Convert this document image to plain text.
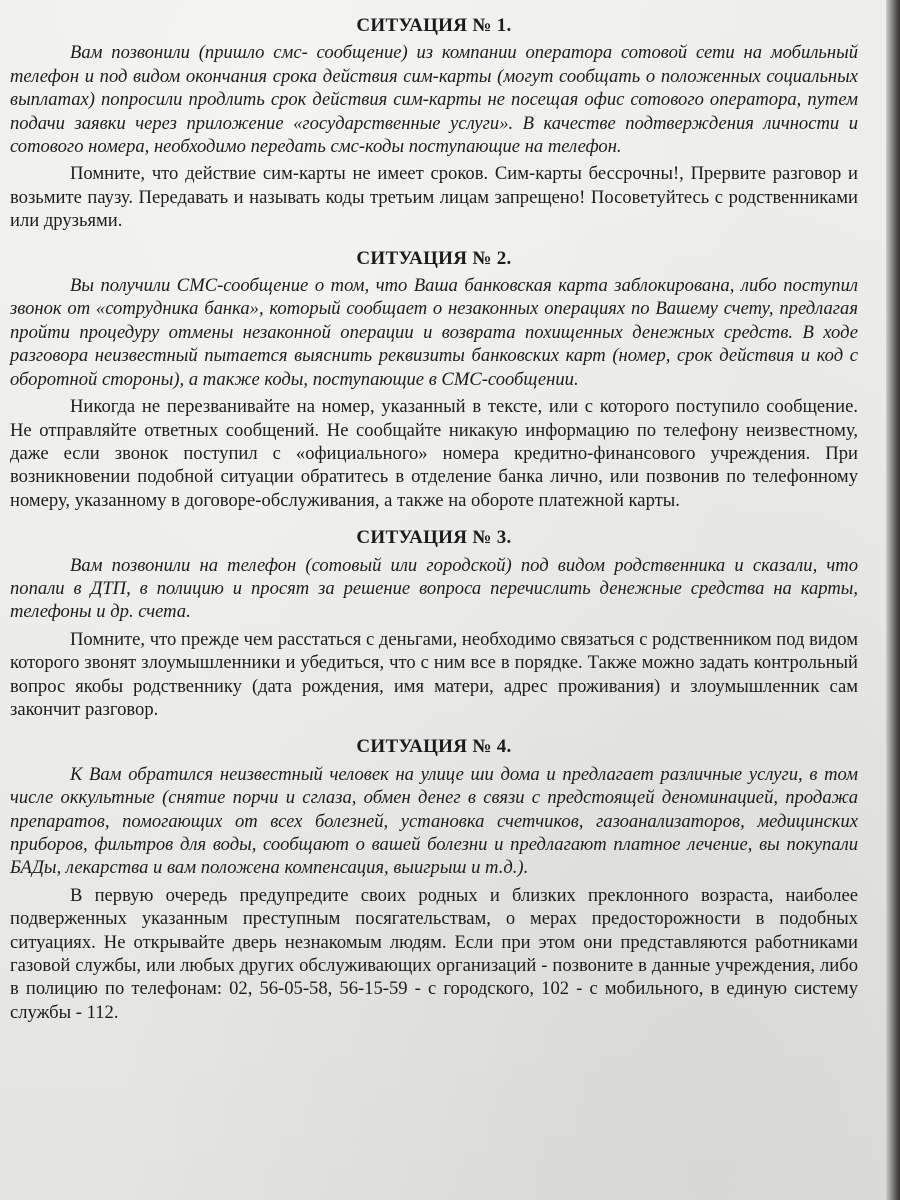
СИТУАЦИЯ № 1.

Вам позвонили (пришло смс- сообщение) из компании оператора сотовой сети на мобильный телефон и под видом окончания срока действия сим-карты (могут сообщать о положенных социальных выплатах) попросили продлить срок действия сим-карты не посещая офис сотового оператора, путем подачи заявки через приложение «государственные услуги». В качестве подтверждения личности и сотового номера, необходимо передать смс-коды поступающие на телефон.

Помните, что действие сим-карты не имеет сроков. Сим-карты бессрочны!, Прервите разговор и возьмите паузу. Передавать и называть коды третьим лицам запрещено! Посоветуйтесь с родственниками или друзьями.

СИТУАЦИЯ № 2.

Вы получили СМС-сообщение о том, что Ваша банковская карта заблокирована, либо поступил звонок от «сотрудника банка», который сообщает о незаконных операциях по Вашему счету, предлагая пройти процедуру отмены незаконной операции и возврата похищенных денежных средств. В ходе разговора неизвестный пытается выяснить реквизиты банковских карт (номер, срок действия и код с оборотной стороны), а также коды, поступающие в СМС-сообщении.

Никогда не перезванивайте на номер, указанный в тексте, или с которого поступило сообщение. Не отправляйте ответных сообщений. Не сообщайте никакую информацию по телефону неизвестному, даже если звонок поступил с «официального» номера кредитно-финансового учреждения. При возникновении подобной ситуации обратитесь в отделение банка лично, или позвонив по телефонному номеру, указанному в договоре-обслуживания, а также на обороте платежной карты.

СИТУАЦИЯ № 3.

Вам позвонили на телефон (сотовый или городской) под видом родственника и сказали, что попали в ДТП, в полицию и просят за решение вопроса перечислить денежные средства на карты, телефоны и др. счета.

Помните, что прежде чем расстаться с деньгами, необходимо связаться с родственником под видом которого звонят злоумышленники и убедиться, что с ним все в порядке. Также можно задать контрольный вопрос якобы родственнику (дата рождения, имя матери, адрес проживания) и злоумышленник сам закончит разговор.

СИТУАЦИЯ № 4.

К Вам обратился неизвестный человек на улице ши дома и предлагает различные услуги, в том числе оккультные (снятие порчи и сглаза, обмен денег в связи с предстоящей деноминацией, продажа препаратов, помогающих от всех болезней, установка счетчиков, газоанализаторов, медицинских приборов, фильтров для воды, сообщают о вашей болезни и предлагают платное лечение, вы покупали БАДы, лекарства и вам положена компенсация, выигрыш и т.д.).

В первую очередь предупредите своих родных и близких преклонного возраста, наиболее подверженных указанным преступным посягательствам, о мерах предосторожности в подобных ситуациях. Не открывайте дверь незнакомым людям. Если при этом они представляются работниками газовой службы, или любых других обслуживающих организаций - позвоните в данные учреждения, либо в полицию по телефонам: 02, 56-05-58, 56-15-59 - с городского, 102 - с мобильного, в единую систему службы - 112.
